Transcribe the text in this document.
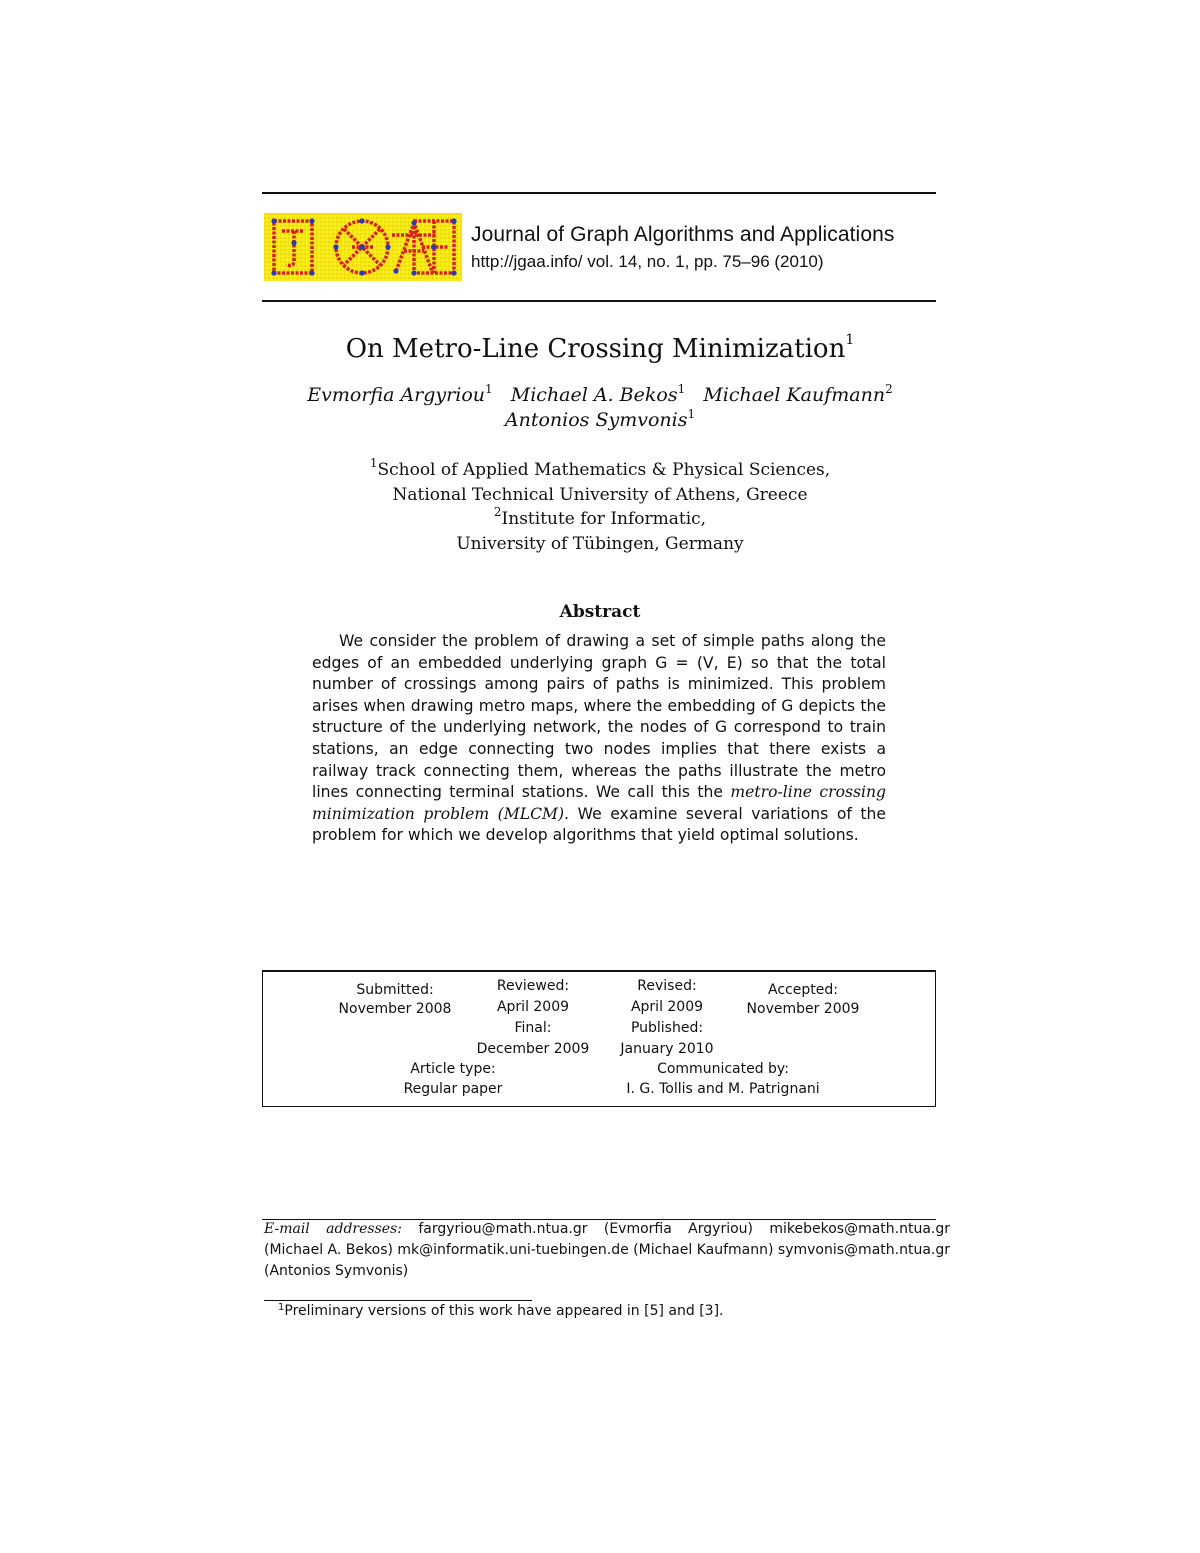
Journal of Graph Algorithms and Applications
http://jgaa.info/ vol. 14, no. 1, pp. 75–96 (2010)
On Metro-Line Crossing Minimization$^1$
Evmorfia Argyriou$^1$ Michael A. Bekos$^1$ Michael Kaufmann$^2$
Antonios Symvonis$^1$
$^1$School of Applied Mathematics & Physical Sciences,
National Technical University of Athens, Greece
$^2$Institute for Informatic,
University of Tübingen, Germany
Abstract
We consider the problem of drawing a set of simple paths along the edges of an embedded underlying graph G = (V, E) so that the total number of crossings among pairs of paths is minimized. This problem arises when drawing metro maps, where the embedding of G depicts the structure of the underlying network, the nodes of G correspond to train stations, an edge connecting two nodes implies that there exists a railway track connecting them, whereas the paths illustrate the metro lines connecting terminal stations. We call this the metro-line crossing minimization problem (MLCM). We examine several variations of the problem for which we develop algorithms that yield optimal solutions.
Submitted:
November 2008
Reviewed:
April 2009
Revised:
April 2009
Accepted:
November 2009
Final:
December 2009
Published:
January 2010
Article type:
Regular paper
Communicated by:
I. G. Tollis and M. Patrignani
E-mail addresses: fargyriou@math.ntua.gr (Evmorfia Argyriou) mikebekos@math.ntua.gr (Michael A. Bekos) mk@informatik.uni-tuebingen.de (Michael Kaufmann) symvonis@math.ntua.gr (Antonios Symvonis)
$^1$Preliminary versions of this work have appeared in [5] and [3].
